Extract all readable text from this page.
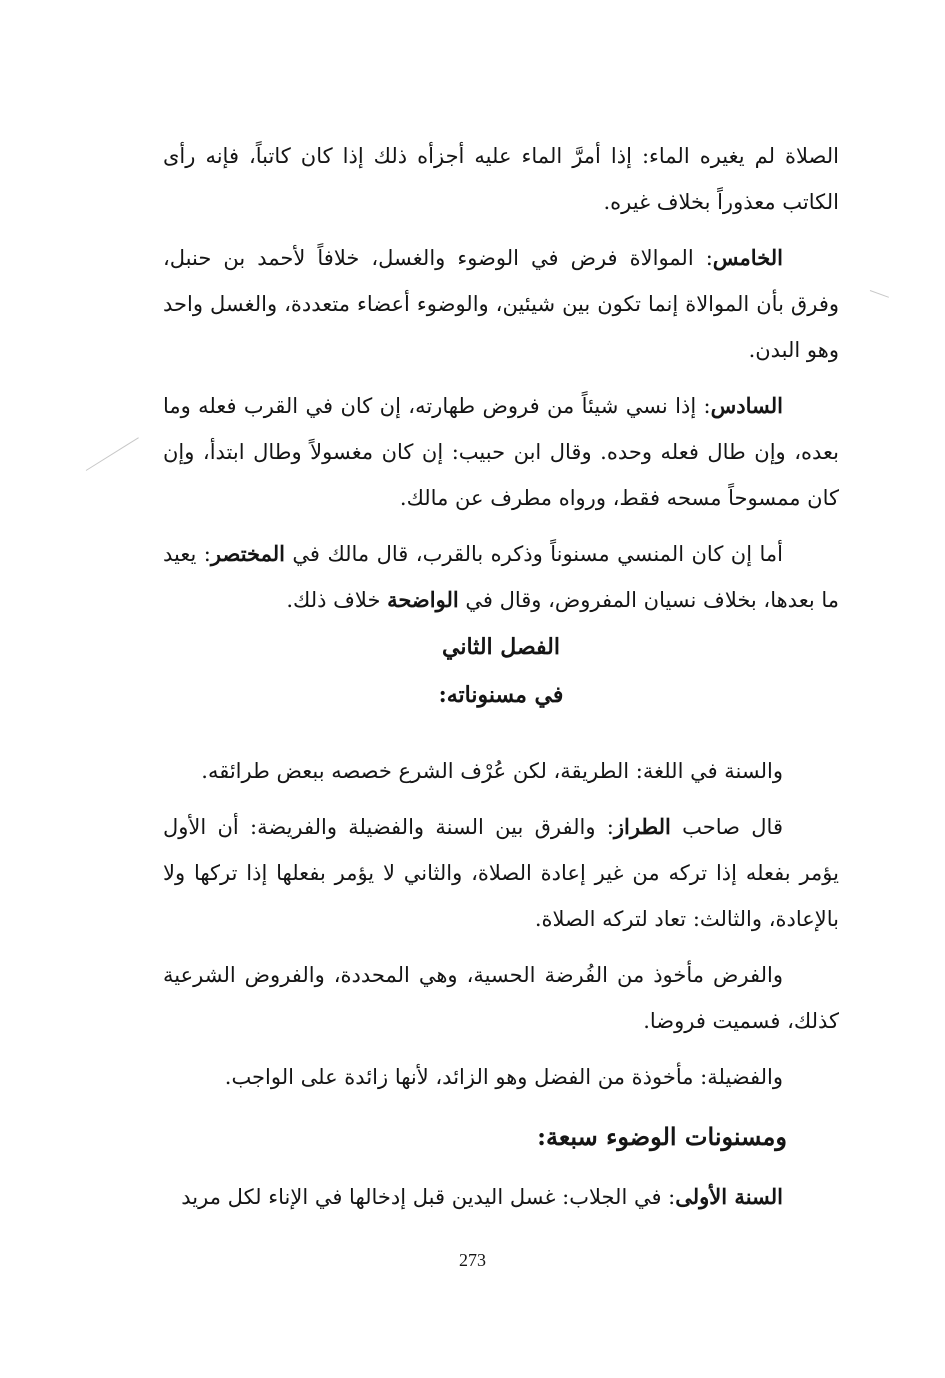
الصلاة لم يغيره الماء: إذا أمرَّ الماء عليه أجزأه ذلك إذا كان كاتباً، فإنه رأى الكاتب معذوراً بخلاف غيره.

الخامس: الموالاة فرض في الوضوء والغسل، خلافاً لأحمد بن حنبل، وفرق بأن الموالاة إنما تكون بين شيئين، والوضوء أعضاء متعددة، والغسل واحد وهو البدن.

السادس: إذا نسي شيئاً من فروض طهارته، إن كان في القرب فعله وما بعده، وإن طال فعله وحده. وقال ابن حبيب: إن كان مغسولاً وطال ابتدأ، وإن كان ممسوحاً مسحه فقط، ورواه مطرف عن مالك.

أما إن كان المنسي مسنوناً وذكره بالقرب، قال مالك في المختصر: يعيد ما بعدها، بخلاف نسيان المفروض، وقال في الواضحة خلاف ذلك.

الفصل الثاني
في مسنوناته:

والسنة في اللغة: الطريقة، لكن عُرْف الشرع خصصه ببعض طرائقه.

قال صاحب الطراز: والفرق بين السنة والفضيلة والفريضة: أن الأول يؤمر بفعله إذا تركه من غير إعادة الصلاة، والثاني لا يؤمر بفعلها إذا تركها ولا بالإعادة، والثالث: تعاد لتركه الصلاة.

والفرض مأخوذ من الفُرضة الحسية، وهي المحددة، والفروض الشرعية كذلك، فسميت فروضا.

والفضيلة: مأخوذة من الفضل وهو الزائد، لأنها زائدة على الواجب.

ومسنونات الوضوء سبعة:

السنة الأولى: في الجلاب: غسل اليدين قبل إدخالها في الإناء لكل مريد

273
